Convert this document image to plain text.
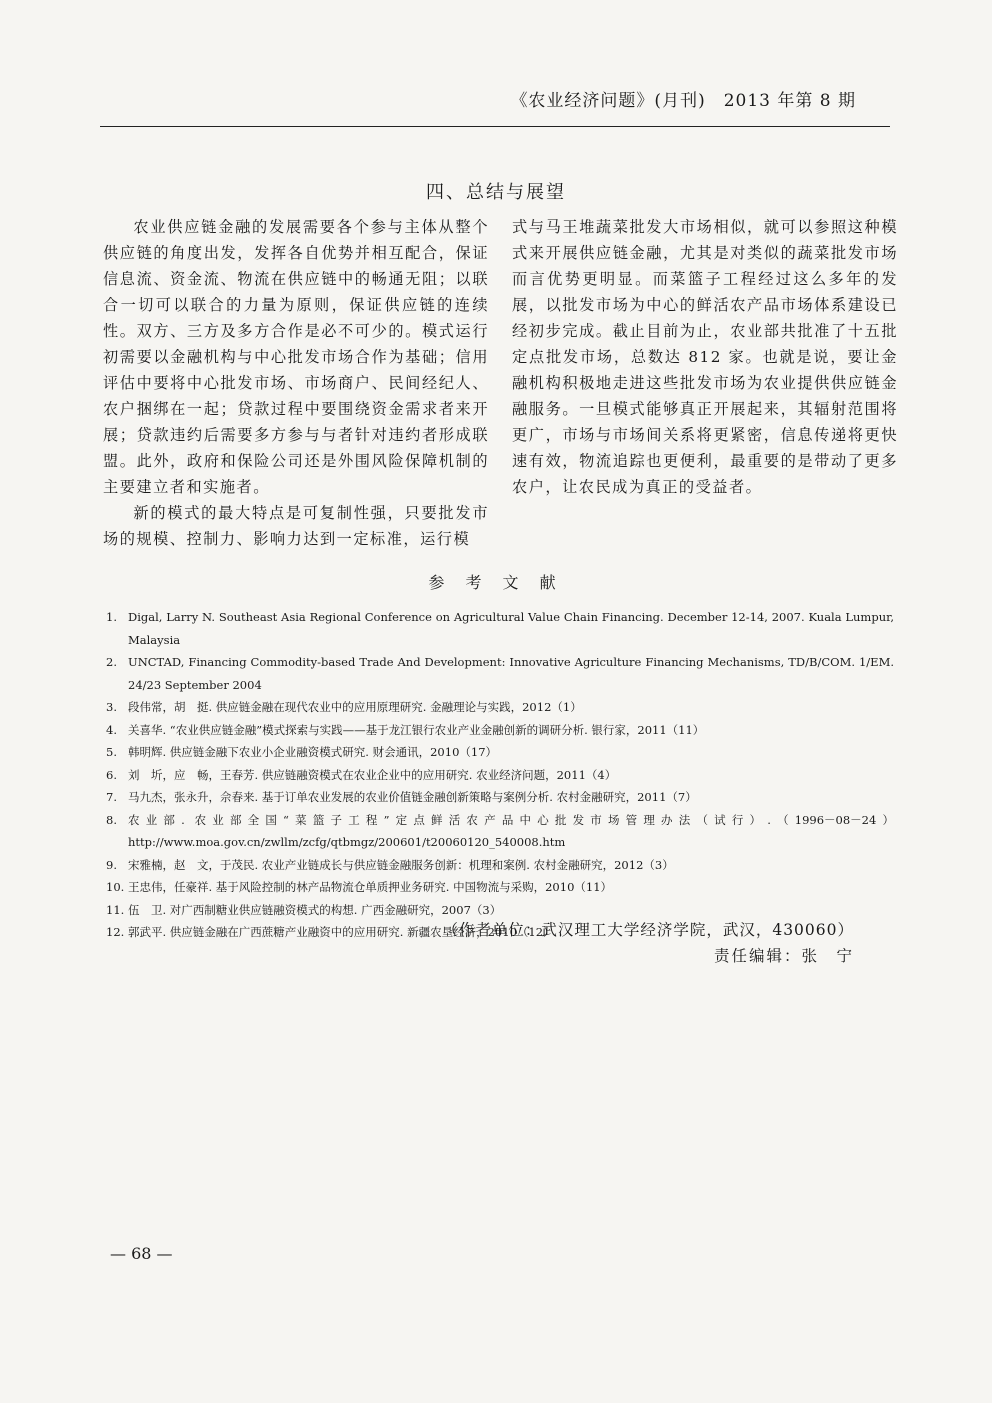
《农业经济问题》(月刊)　2013 年第 8 期
四、总结与展望

农业供应链金融的发展需要各个参与主体从整个供应链的角度出发，发挥各自优势并相互配合，保证信息流、资金流、物流在供应链中的畅通无阻；以联合一切可以联合的力量为原则，保证供应链的连续性。双方、三方及多方合作是必不可少的。模式运行初需要以金融机构与中心批发市场合作为基础；信用评估中要将中心批发市场、市场商户、民间经纪人、农户捆绑在一起；贷款过程中要围绕资金需求者来开展；贷款违约后需要多方参与与者针对违约者形成联盟。此外，政府和保险公司还是外围风险保障机制的主要建立者和实施者。

新的模式的最大特点是可复制性强，只要批发市场的规模、控制力、影响力达到一定标准，运行模

式与马王堆蔬菜批发大市场相似，就可以参照这种模式来开展供应链金融，尤其是对类似的蔬菜批发市场而言优势更明显。而菜篮子工程经过这么多年的发展，以批发市场为中心的鲜活农产品市场体系建设已经初步完成。截止目前为止，农业部共批准了十五批定点批发市场，总数达 812 家。也就是说，要让金融机构积极地走进这些批发市场为农业提供供应链金融服务。一旦模式能够真正开展起来，其辐射范围将更广，市场与市场间关系将更紧密，信息传递将更快速有效，物流追踪也更便利，最重要的是带动了更多农户，让农民成为真正的受益者。

参 考 文 献
1. Digal, Larry N. Southeast Asia Regional Conference on Agricultural Value Chain Financing. December 12-14, 2007. Kuala Lumpur, Malaysia
2. UNCTAD, Financing Commodity-based Trade And Development: Innovative Agriculture Financing Mechanisms, TD/B/COM. 1/EM. 24/23 September 2004
3. 段伟常，胡　挺. 供应链金融在现代农业中的应用原理研究. 金融理论与实践，2012（1）
4. 关喜华. “农业供应链金融”模式探索与实践——基于龙江银行农业产业金融创新的调研分析. 银行家，2011（11）
5. 韩明辉. 供应链金融下农业小企业融资模式研究. 财会通讯，2010（17）
6. 刘　圻，应　畅，王春芳. 供应链融资模式在农业企业中的应用研究. 农业经济问题，2011（4）
7. 马九杰，张永升，佘春来. 基于订单农业发展的农业价值链金融创新策略与案例分析. 农村金融研究，2011（7）
8. 农业部. 农业部全国“菜篮子工程”定点鲜活农产品中心批发市场管理办法（试行）.（1996－08－24）http://www.moa.gov.cn/zwllm/zcfg/qtbmgz/200601/t20060120_540008.htm
9. 宋雅楠，赵　文，于茂民. 农业产业链成长与供应链金融服务创新：机理和案例. 农村金融研究，2012（3）
10. 王忠伟，任豪祥. 基于风险控制的林产品物流仓单质押业务研究. 中国物流与采购，2010（11）
11. 伍　卫. 对广西制糖业供应链融资模式的构想. 广西金融研究，2007（3）
12. 郭武平. 供应链金融在广西蔗糖产业融资中的应用研究. 新疆农垦经济，2010（12）
（作者单位：武汉理工大学经济学院，武汉，430060）
责任编辑：张　宁
— 68 —
